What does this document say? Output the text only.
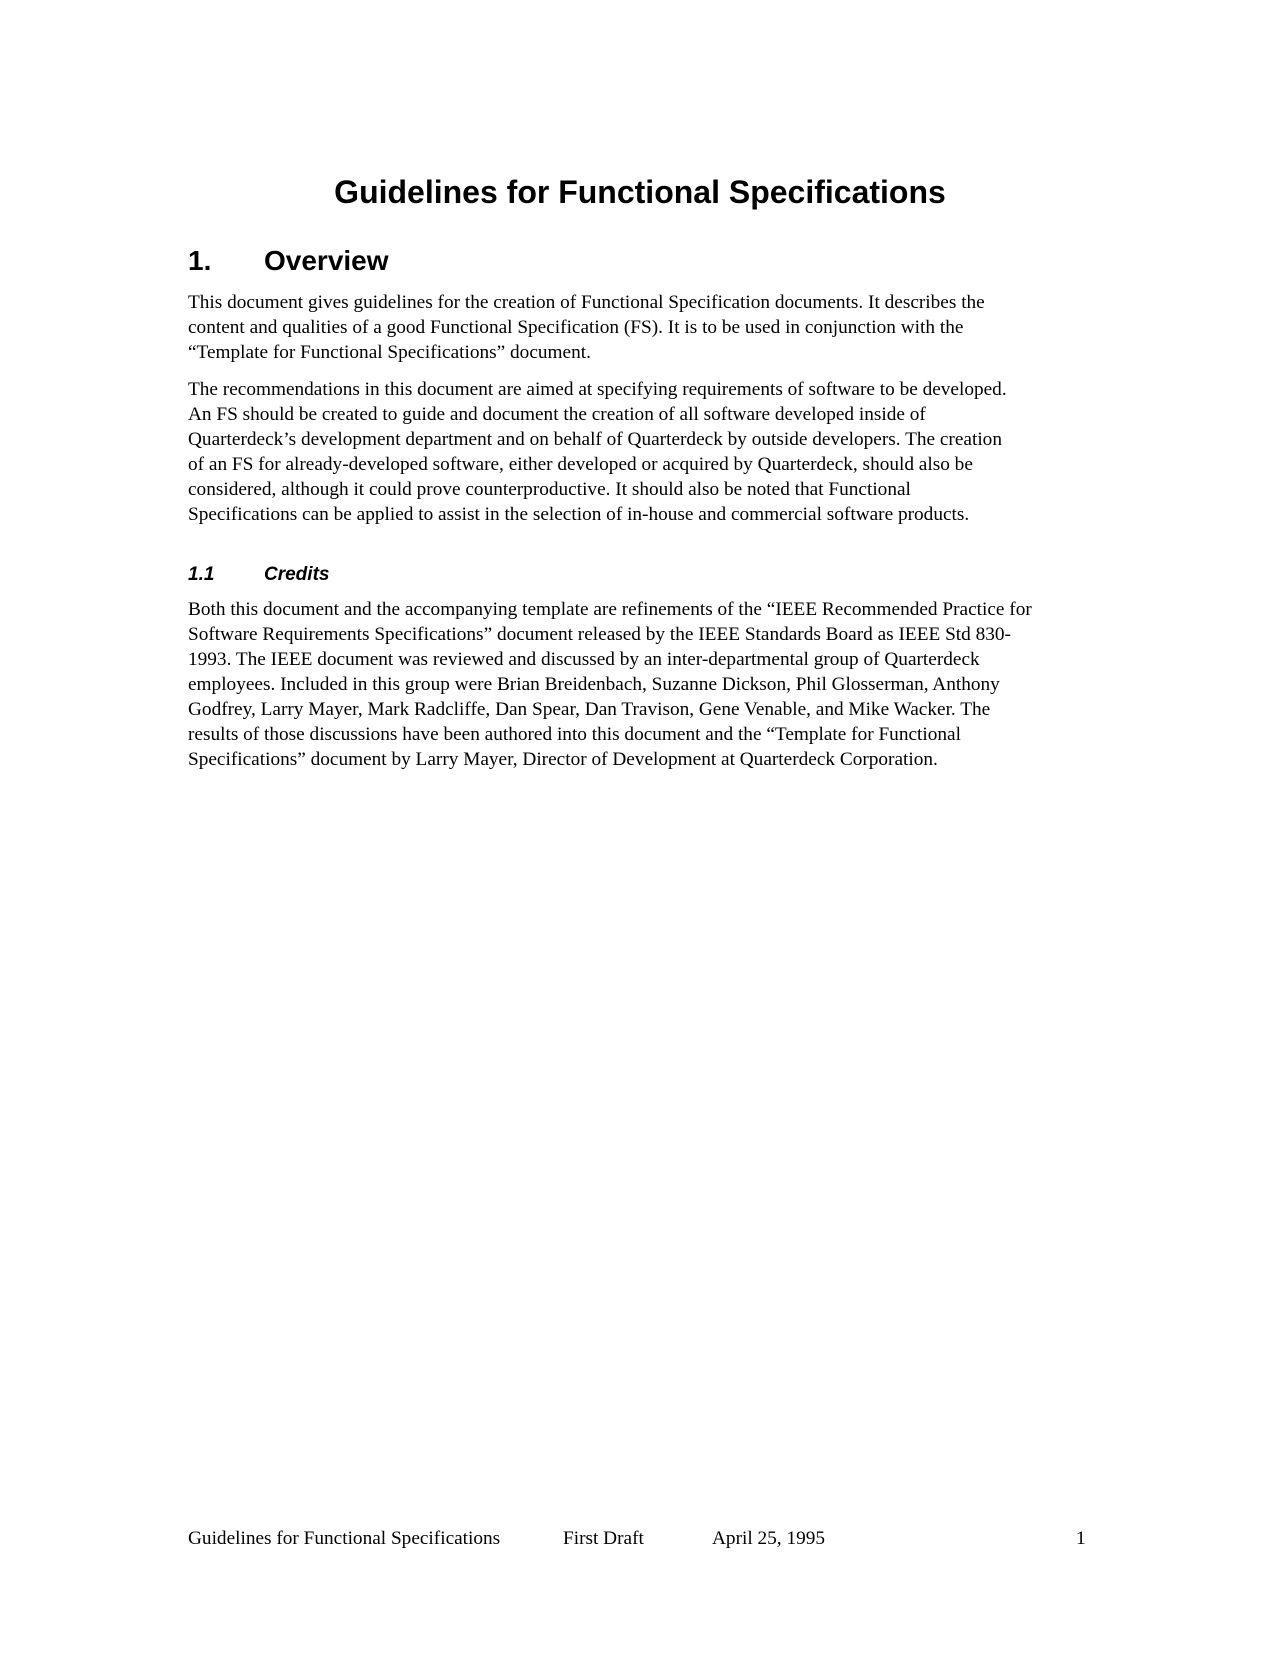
Guidelines for Functional Specifications
1. Overview

This document gives guidelines for the creation of Functional Specification documents. It describes the
content and qualities of a good Functional Specification (FS). It is to be used in conjunction with the
“Template for Functional Specifications” document.

The recommendations in this document are aimed at specifying requirements of software to be developed.
An FS should be created to guide and document the creation of all software developed inside of
Quarterdeck’s development department and on behalf of Quarterdeck by outside developers. The creation
of an FS for already-developed software, either developed or acquired by Quarterdeck, should also be
considered, although it could prove counterproductive. It should also be noted that Functional
Specifications can be applied to assist in the selection of in-house and commercial software products.

1.1	Credits

Both this document and the accompanying template are refinements of the “IEEE Recommended Practice for
Software Requirements Specifications” document released by the IEEE Standards Board as IEEE Std 830-
1993. The IEEE document was reviewed and discussed by an inter-departmental group of Quarterdeck
employees. Included in this group were Brian Breidenbach, Suzanne Dickson, Phil Glosserman, Anthony
Godfrey, Larry Mayer, Mark Radcliffe, Dan Spear, Dan Travison, Gene Venable, and Mike Wacker. The
results of those discussions have been authored into this document and the “Template for Functional
Specifications” document by Larry Mayer, Director of Development at Quarterdeck Corporation.

Guidelines for Functional Specifications	First Draft	April 25, 1995	1
